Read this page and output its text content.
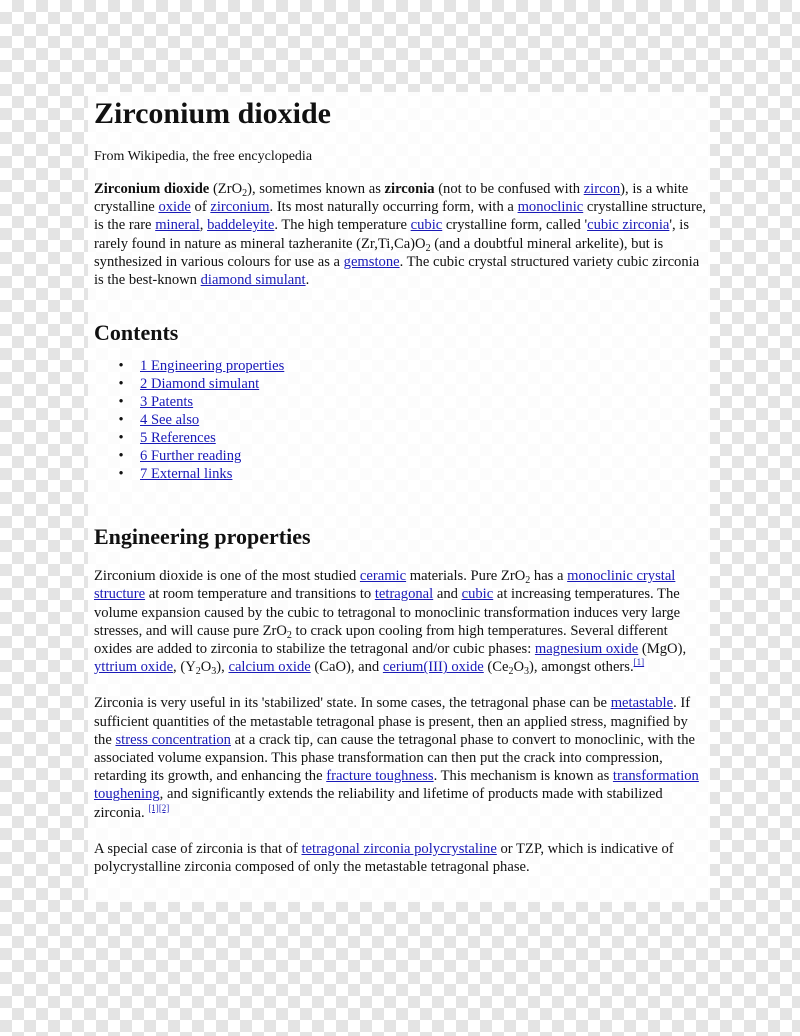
Zirconium dioxide
From Wikipedia, the free encyclopedia

Zirconium dioxide (ZrO$_2$), sometimes known as zirconia (not to be confused with zircon), is a white crystalline oxide of zirconium. Its most naturally occurring form, with a monoclinic crystalline structure, is the rare mineral, baddeleyite. The high temperature cubic crystalline form, called 'cubic zirconia', is rarely found in nature as mineral tazheranite $(Zr,Ti,Ca)O_2$ (and a doubtful mineral arkelite), but is synthesized in various colours for use as a gemstone. The cubic crystal structured variety cubic zirconia is the best-known diamond simulant.

Contents
• 1 Engineering properties
• 2 Diamond simulant
• 3 Patents
• 4 See also
• 5 References
• 6 Further reading
• 7 External links
Engineering properties

Zirconium dioxide is one of the most studied ceramic materials. Pure ZrO$_2$ has a monoclinic crystal structure at room temperature and transitions to tetragonal and cubic at increasing temperatures. The volume expansion caused by the cubic to tetragonal to monoclinic transformation induces very large stresses, and will cause pure ZrO$_2$ to crack upon cooling from high temperatures. Several different oxides are added to zirconia to stabilize the tetragonal and/or cubic phases: magnesium oxide (MgO), yttrium oxide, $(Y_2O_3)$, calcium oxide (CaO), and cerium(III) oxide $(Ce_2O_3)$, amongst others.[1]

Zirconia is very useful in its 'stabilized' state. In some cases, the tetragonal phase can be metastable. If sufficient quantities of the metastable tetragonal phase is present, then an applied stress, magnified by the stress concentration at a crack tip, can cause the tetragonal phase to convert to monoclinic, with the associated volume expansion. This phase transformation can then put the crack into compression, retarding its growth, and enhancing the fracture toughness. This mechanism is known as transformation toughening, and significantly extends the reliability and lifetime of products made with stabilized zirconia. [1][2]

A special case of zirconia is that of tetragonal zirconia polycrystaline or TZP, which is indicative of polycrystalline zirconia composed of only the metastable tetragonal phase.
